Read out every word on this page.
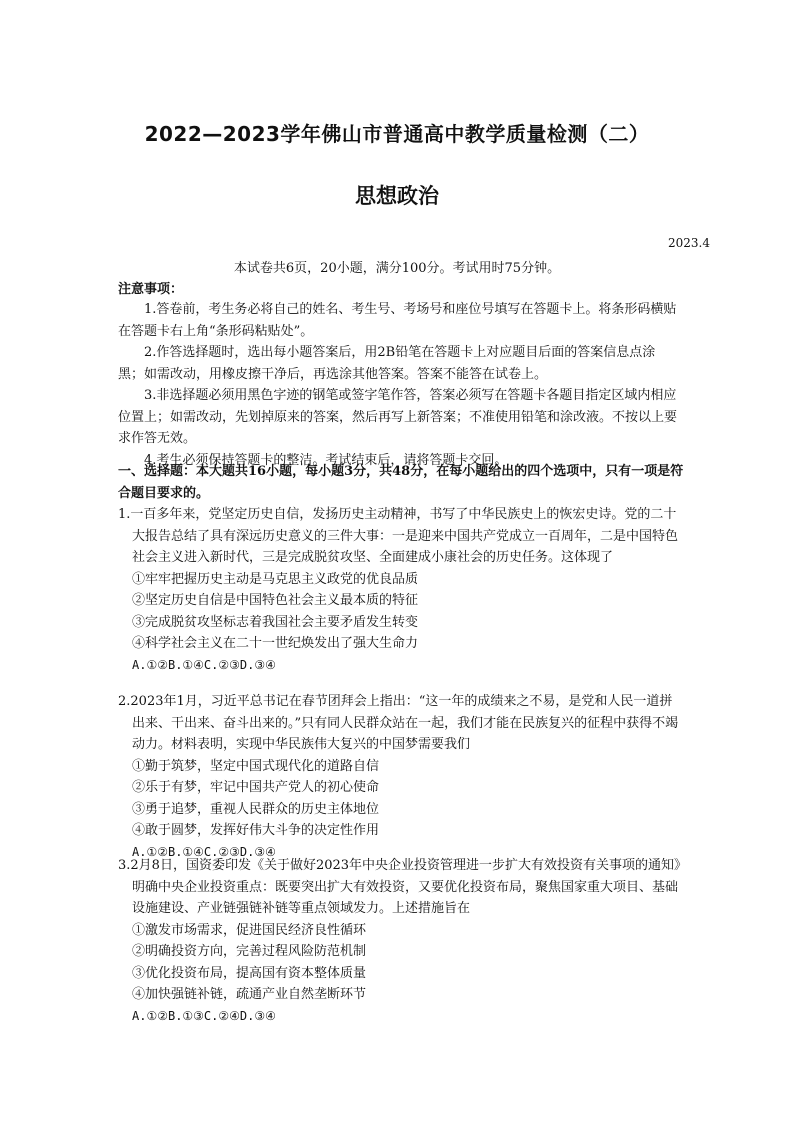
2022—2023学年佛山市普通高中教学质量检测（二）
思想政治
2023.4
本试卷共6页，20小题，满分100分。考试用时75分钟。
注意事项：

1.答卷前，考生务必将自己的姓名、考生号、考场号和座位号填写在答题卡上。将条形码横贴在答题卡右上角“条形码粘贴处”。

2.作答选择题时，选出每小题答案后，用2B铅笔在答题卡上对应题目后面的答案信息点涂黑；如需改动，用橡皮擦干净后，再选涂其他答案。答案不能答在试卷上。

3.非选择题必须用黑色字迹的钢笔或签字笔作答，答案必须写在答题卡各题目指定区域内相应位置上；如需改动，先划掉原来的答案，然后再写上新答案；不准使用铅笔和涂改液。不按以上要求作答无效。

4.考生必须保持答题卡的整洁。考试结束后，请将答题卡交回。

一、选择题：本大题共16小题，每小题3分，共48分，在每小题给出的四个选项中，只有一项是符合题目要求的。

1.一百多年来，党坚定历史自信，发扬历史主动精神，书写了中华民族史上的恢宏史诗。党的二十大报告总结了具有深远历史意义的三件大事：一是迎来中国共产党成立一百周年，二是中国特色社会主义进入新时代，三是完成脱贫攻坚、全面建成小康社会的历史任务。这体现了

①牢牢把握历史主动是马克思主义政党的优良品质

②坚定历史自信是中国特色社会主义最本质的特征

③完成脱贫攻坚标志着我国社会主要矛盾发生转变

④科学社会主义在二十一世纪焕发出了强大生命力

A.①②B.①④C.②③D.③④

2.2023年1月，习近平总书记在春节团拜会上指出：“这一年的成绩来之不易，是党和人民一道拼出来、干出来、奋斗出来的。”只有同人民群众站在一起，我们才能在民族复兴的征程中获得不竭动力。材料表明，实现中华民族伟大复兴的中国梦需要我们

①勤于筑梦，坚定中国式现代化的道路自信

②乐于有梦，牢记中国共产党人的初心使命

③勇于追梦，重视人民群众的历史主体地位

④敢于圆梦，发挥好伟大斗争的决定性作用

A.①②B.①④C.②③D.③④

3.2月8日，国资委印发《关于做好2023年中央企业投资管理进一步扩大有效投资有关事项的通知》明确中央企业投资重点：既要突出扩大有效投资，又要优化投资布局，聚焦国家重大项目、基础设施建设、产业链强链补链等重点领域发力。上述措施旨在

①激发市场需求，促进国民经济良性循环

②明确投资方向，完善过程风险防范机制

③优化投资布局，提高国有资本整体质量

④加快强链补链，疏通产业自然垄断环节

A.①②B.①③C.②④D.③④
